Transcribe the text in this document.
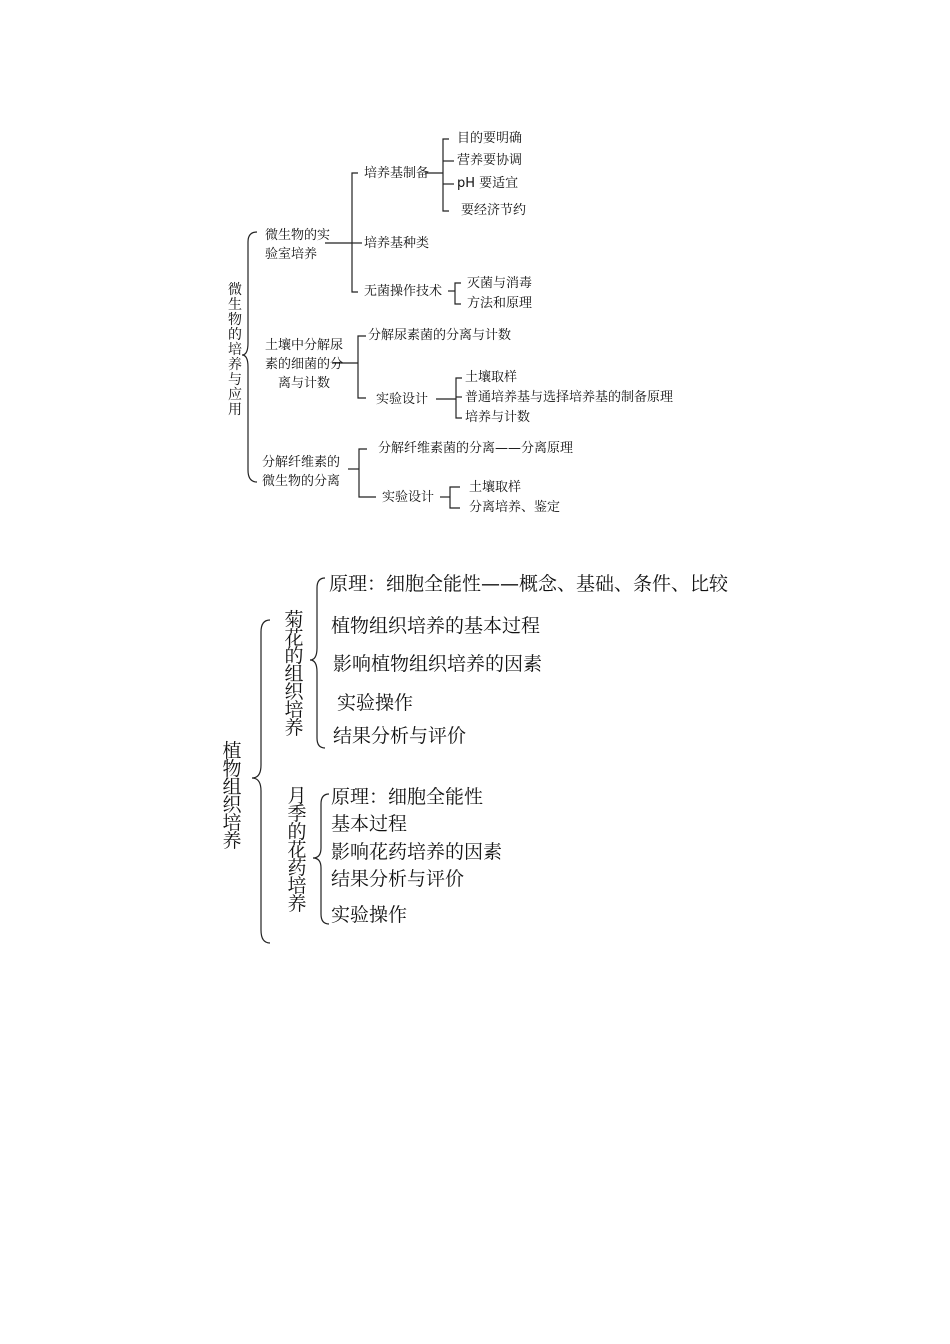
微生物的培养与应用
微生物的实验室培养
培养基制备
目的要明确
营养要协调
pH 要适宜
要经济节约
培养基种类
无菌操作技术
灭菌与消毒
方法和原理
土壤中分解尿素的细菌的分离与计数
分解尿素菌的分离与计数
实验设计
土壤取样
普通培养基与选择培养基的制备原理
培养与计数
分解纤维素的微生物的分离
分解纤维素菌的分离——分离原理
实验设计
土壤取样
分离培养、鉴定
植物组织培养
菊花的组织培养
原理：细胞全能性——概念、基础、条件、比较
植物组织培养的基本过程
影响植物组织培养的因素
实验操作
结果分析与评价
月季的花药培养
原理：细胞全能性
基本过程
影响花药培养的因素
结果分析与评价
实验操作
